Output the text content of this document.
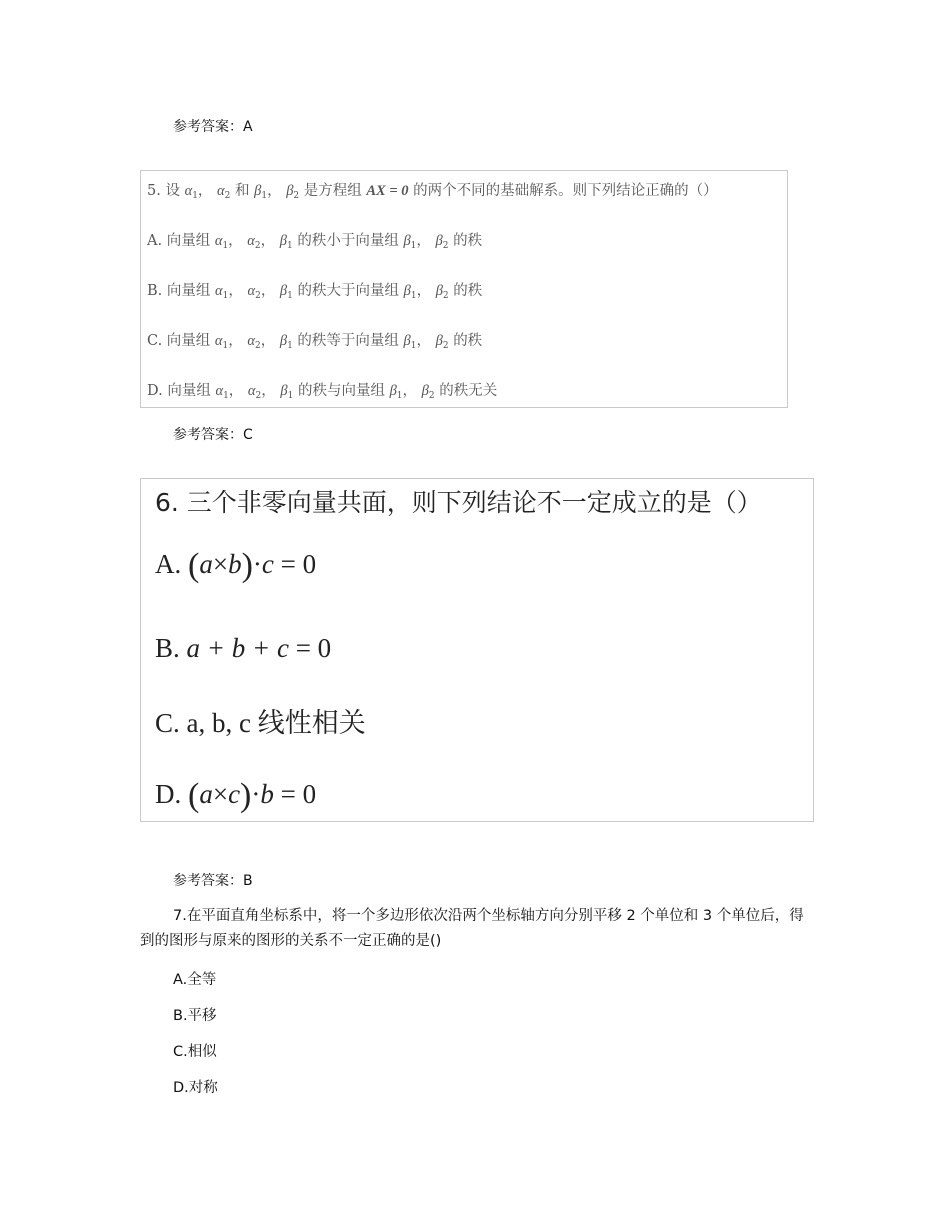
参考答案：A
5. 设 $\alpha_1$， $\alpha_2$ 和 $\beta_1$， $\beta_2$ 是方程组 AX = 0 的两个不同的基础解系。则下列结论正确的（）
A. 向量组 $\alpha_1$， $\alpha_2$， $\beta_1$ 的秩小于向量组 $\beta_1$， $\beta_2$ 的秩
B. 向量组 $\alpha_1$， $\alpha_2$， $\beta_1$ 的秩大于向量组 $\beta_1$， $\beta_2$ 的秩
C. 向量组 $\alpha_1$， $\alpha_2$， $\beta_1$ 的秩等于向量组 $\beta_1$， $\beta_2$ 的秩
D. 向量组 $\alpha_1$， $\alpha_2$， $\beta_1$ 的秩与向量组 $\beta_1$， $\beta_2$ 的秩无关
参考答案：C
6. 三个非零向量共面，则下列结论不一定成立的是（）
A. (a×b)·c = 0
B. a + b + c = 0
C. a, b, c 线性相关
D. (a×c)·b = 0
参考答案：B
7.在平面直角坐标系中，将一个多边形依次沿两个坐标轴方向分别平移 2 个单位和 3 个单位后，得到的图形与原来的图形的关系不一定正确的是()
A.全等
B.平移
C.相似
D.对称
